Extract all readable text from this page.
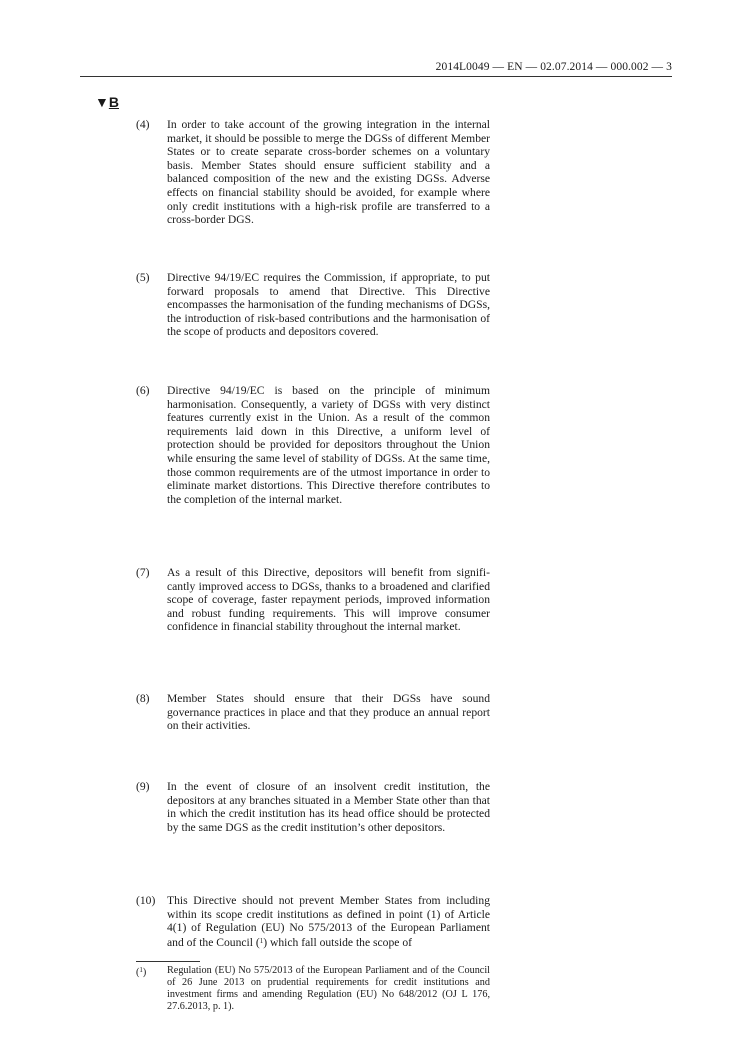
2014L0049 — EN — 02.07.2014 — 000.002 — 3
▼B
(4)	In order to take account of the growing integration in the internal market, it should be possible to merge the DGSs of different Member States or to create separate cross-border schemes on a voluntary basis. Member States should ensure sufficient stability and a balanced composition of the new and the existing DGSs. Adverse effects on financial stability should be avoided, for example where only credit institutions with a high-risk profile are transferred to a cross-border DGS.
(5)	Directive 94/19/EC requires the Commission, if appropriate, to put forward proposals to amend that Directive. This Directive encompasses the harmonisation of the funding mechanisms of DGSs, the introduction of risk-based contributions and the harmonisation of the scope of products and depositors covered.
(6)	Directive 94/19/EC is based on the principle of minimum harmonisation. Consequently, a variety of DGSs with very distinct features currently exist in the Union. As a result of the common requirements laid down in this Directive, a uniform level of protection should be provided for depositors throughout the Union while ensuring the same level of stability of DGSs. At the same time, those common requirements are of the utmost importance in order to eliminate market distortions. This Directive therefore contributes to the completion of the internal market.
(7)	As a result of this Directive, depositors will benefit from significantly improved access to DGSs, thanks to a broadened and clarified scope of coverage, faster repayment periods, improved information and robust funding requirements. This will improve consumer confidence in financial stability throughout the internal market.
(8)	Member States should ensure that their DGSs have sound governance practices in place and that they produce an annual report on their activities.
(9)	In the event of closure of an insolvent credit institution, the depositors at any branches situated in a Member State other than that in which the credit institution has its head office should be protected by the same DGS as the credit institution’s other depositors.
(10)	This Directive should not prevent Member States from including within its scope credit institutions as defined in point (1) of Article 4(1) of Regulation (EU) No 575/2013 of the European Parliament and of the Council ($^1$) which fall outside the scope of
($^1$) Regulation (EU) No 575/2013 of the European Parliament and of the Council of 26 June 2013 on prudential requirements for credit institutions and investment firms and amending Regulation (EU) No 648/2012 (OJ L 176, 27.6.2013, p. 1).
